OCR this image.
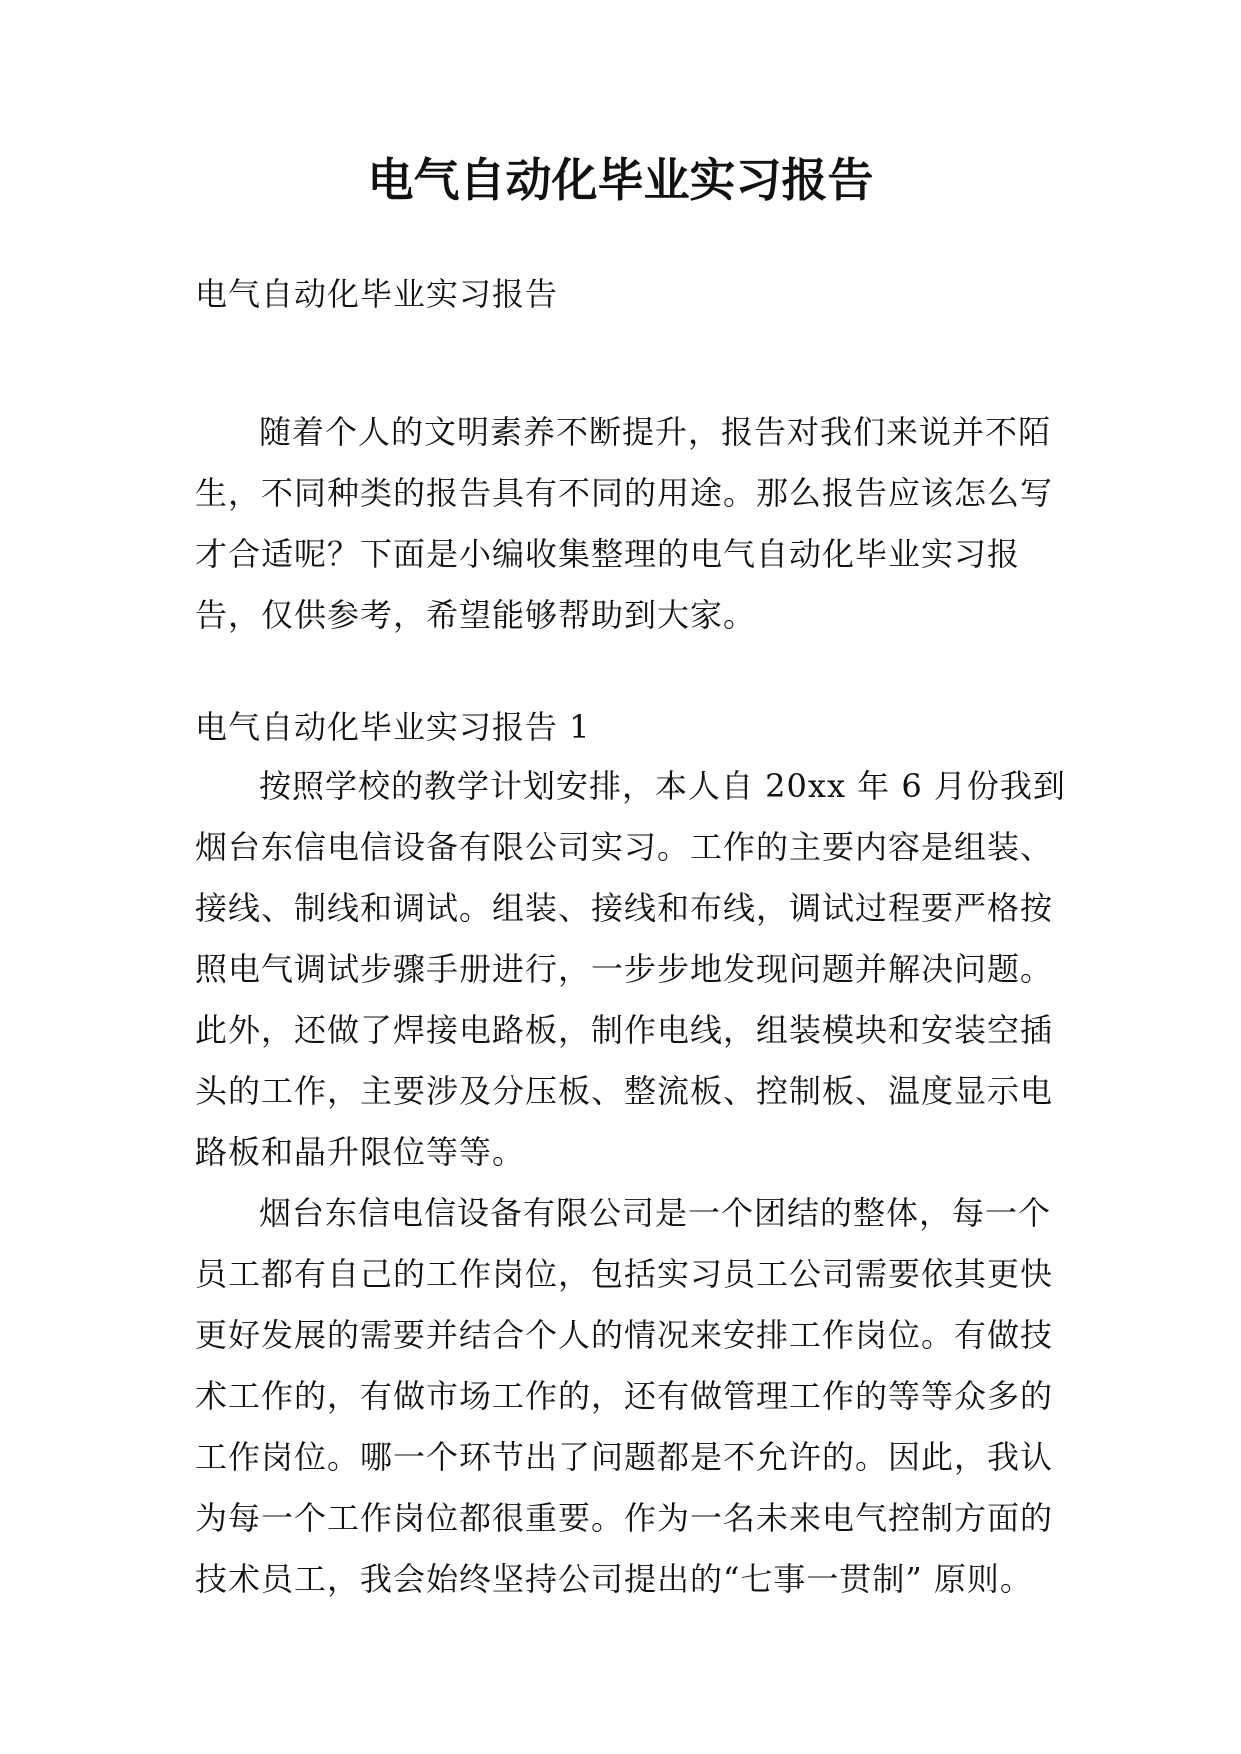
电气自动化毕业实习报告

电气自动化毕业实习报告

随着个人的文明素养不断提升，报告对我们来说并不陌
生，不同种类的报告具有不同的用途。那么报告应该怎么写
才合适呢？下面是小编收集整理的电气自动化毕业实习报
告，仅供参考，希望能够帮助到大家。

电气自动化毕业实习报告 1

按照学校的教学计划安排，本人自 20xx 年 6 月份我到
烟台东信电信设备有限公司实习。工作的主要内容是组装、
接线、制线和调试。组装、接线和布线，调试过程要严格按
照电气调试步骤手册进行，一步步地发现问题并解决问题。
此外，还做了焊接电路板，制作电线，组装模块和安装空插
头的工作，主要涉及分压板、整流板、控制板、温度显示电
路板和晶升限位等等。
烟台东信电信设备有限公司是一个团结的整体，每一个
员工都有自己的工作岗位，包括实习员工公司需要依其更快
更好发展的需要并结合个人的情况来安排工作岗位。有做技
术工作的，有做市场工作的，还有做管理工作的等等众多的
工作岗位。哪一个环节出了问题都是不允许的。因此，我认
为每一个工作岗位都很重要。作为一名未来电气控制方面的
技术员工，我会始终坚持公司提出的“七事一贯制” 原则。
